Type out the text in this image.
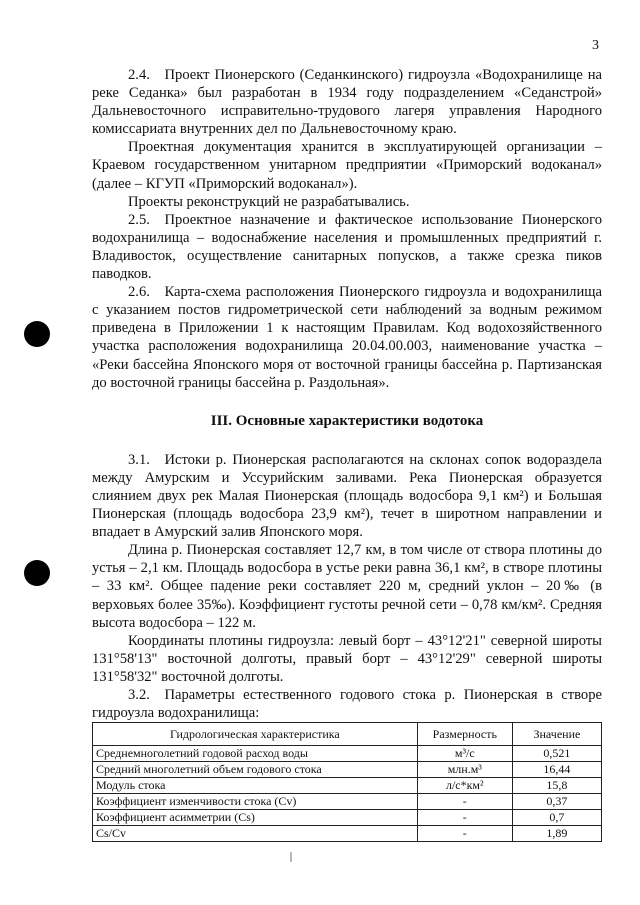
3

2.4. Проект Пионерского (Седанкинского) гидроузла «Водохранилище на реке Седанка» был разработан в 1934 году подразделением «Седанстрой» Дальневосточного исправительно-трудового лагеря управления Народного комиссариата внутренних дел по Дальневосточному краю.

Проектная документация хранится в эксплуатирующей организации – Краевом государственном унитарном предприятии «Приморский водоканал» (далее – КГУП «Приморский водоканал»).

Проекты реконструкций не разрабатывались.

2.5. Проектное назначение и фактическое использование Пионерского водохранилища – водоснабжение населения и промышленных предприятий г. Владивосток, осуществление санитарных попусков, а также срезка пиков паводков.

2.6. Карта-схема расположения Пионерского гидроузла и водохранилища с указанием постов гидрометрической сети наблюдений за водным режимом приведена в Приложении 1 к настоящим Правилам. Код водохозяйственного участка расположения водохранилища 20.04.00.003, наименование участка – «Реки бассейна Японского моря от восточной границы бассейна р. Партизанская до восточной границы бассейна р. Раздольная».

III. Основные характеристики водотока

3.1. Истоки р. Пионерская располагаются на склонах сопок водораздела между Амурским и Уссурийским заливами. Река Пионерская образуется слиянием двух рек Малая Пионерская (площадь водосбора 9,1 км²) и Большая Пионерская (площадь водосбора 23,9 км²), течет в широтном направлении и впадает в Амурский залив Японского моря.

Длина р. Пионерская составляет 12,7 км, в том числе от створа плотины до устья – 2,1 км. Площадь водосбора в устье реки равна 36,1 км², в створе плотины – 33 км². Общее падение реки составляет 220 м, средний уклон – 20‰ (в верховьях более 35‰). Коэффициент густоты речной сети – 0,78 км/км². Средняя высота водосбора – 122 м.

Координаты плотины гидроузла: левый борт – 43°12'21" северной широты 131°58'13" восточной долготы, правый борт – 43°12'29" северной широты 131°58'32" восточной долготы.

3.2. Параметры естественного годового стока р. Пионерская в створе гидроузла водохранилища:

Гидрологическая характеристика	Размерность	Значение
Среднемноголетний годовой расход воды	м³/с	0,521
Средний многолетний объем годового стока	млн.м³	16,44
Модуль стока	л/с*км²	15,8
Коэффициент изменчивости стока (Cv)	-	0,37
Коэффициент асимметрии (Cs)	-	0,7
Cs/Cv	-	1,89
